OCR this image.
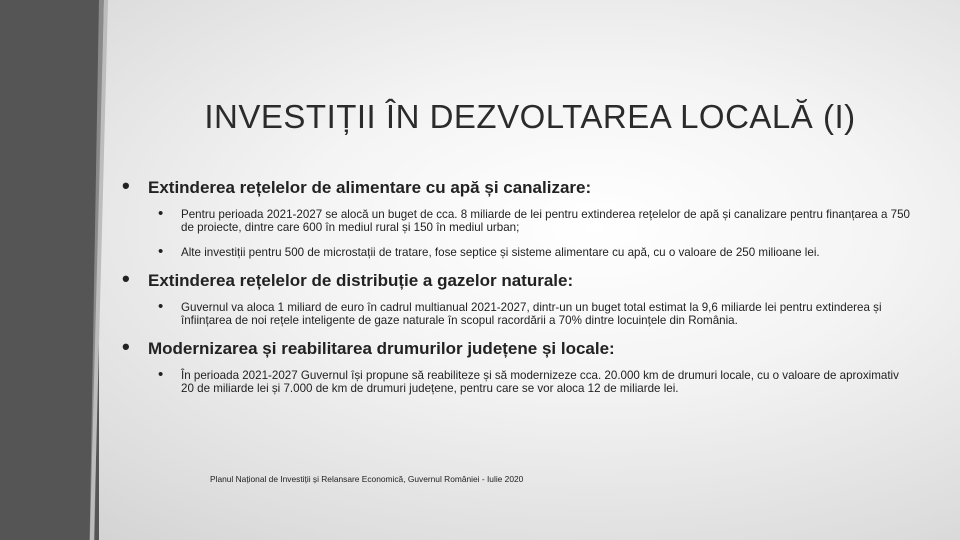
INVESTIȚII ÎN DEZVOLTAREA LOCALĂ (I)
• Extinderea rețelelor de alimentare cu apă și canalizare:
• Pentru perioada 2021-2027 se alocă un buget de cca. 8 miliarde de lei pentru extinderea rețelelor de apă și canalizare pentru finanțarea a 750 de proiecte, dintre care 600 în mediul rural și 150 în mediul urban;
• Alte investiții pentru 500 de microstații de tratare, fose septice și sisteme alimentare cu apă, cu o valoare de 250 milioane lei.
• Extinderea rețelelor de distribuție a gazelor naturale:
• Guvernul va aloca 1 miliard de euro în cadrul multianual 2021-2027, dintr-un un buget total estimat la 9,6 miliarde lei pentru extinderea și înființarea de noi rețele inteligente de gaze naturale în scopul racordării a 70% dintre locuințele din România.
• Modernizarea și reabilitarea drumurilor județene și locale:
• În perioada 2021-2027 Guvernul își propune să reabiliteze și să modernizeze cca. 20.000 km de drumuri locale, cu o valoare de aproximativ 20 de miliarde lei și 7.000 de km de drumuri județene, pentru care se vor aloca 12 de miliarde lei.
Planul Național de Investiții și Relansare Economică, Guvernul României - Iulie 2020
